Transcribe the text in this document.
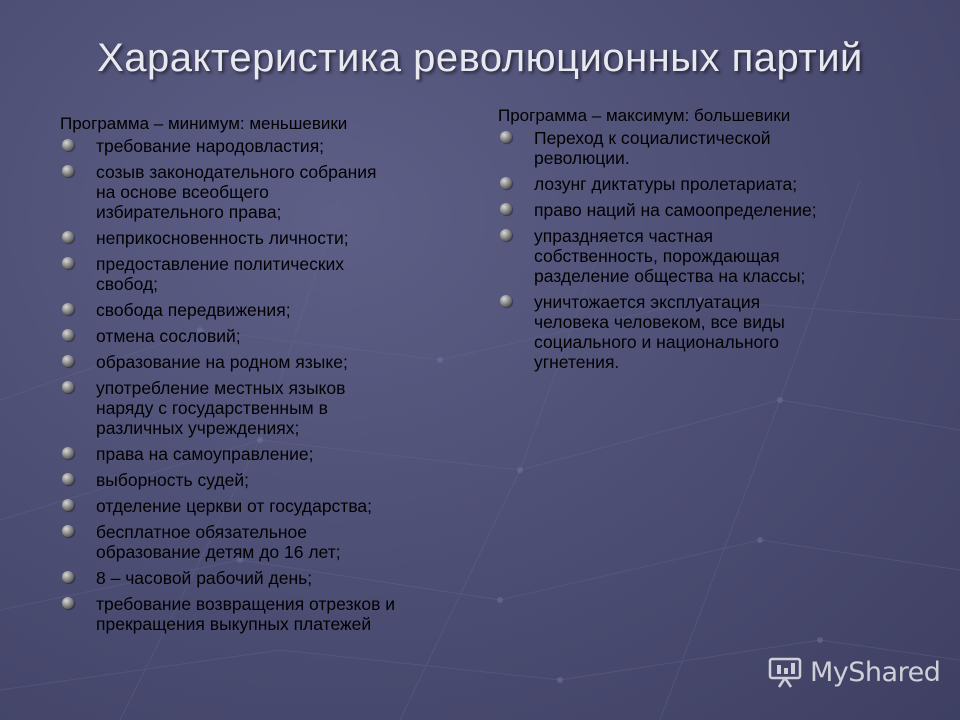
Характеристика революционных партий
Программа – минимум: меньшевики
требование народовластия;
созыв законодательного собрания
на основе всеобщего
избирательного права;
неприкосновенность личности;
предоставление политических
свобод;
свобода передвижения;
отмена сословий;
образование на родном языке;
употребление местных языков
наряду с государственным в
различных учреждениях;
права на самоуправление;
выборность судей;
отделение церкви от государства;
бесплатное обязательное
образование детям до 16 лет;
8 – часовой рабочий день;
требование возвращения отрезков и
прекращения выкупных платежей
Программа – максимум: большевики
Переход к социалистической
революции.
лозунг диктатуры пролетариата;
право наций на самоопределение;
упраздняется частная
собственность, порождающая
разделение общества на классы;
уничтожается эксплуатация
человека человеком, все виды
социального и национального
угнетения.
MyShared
